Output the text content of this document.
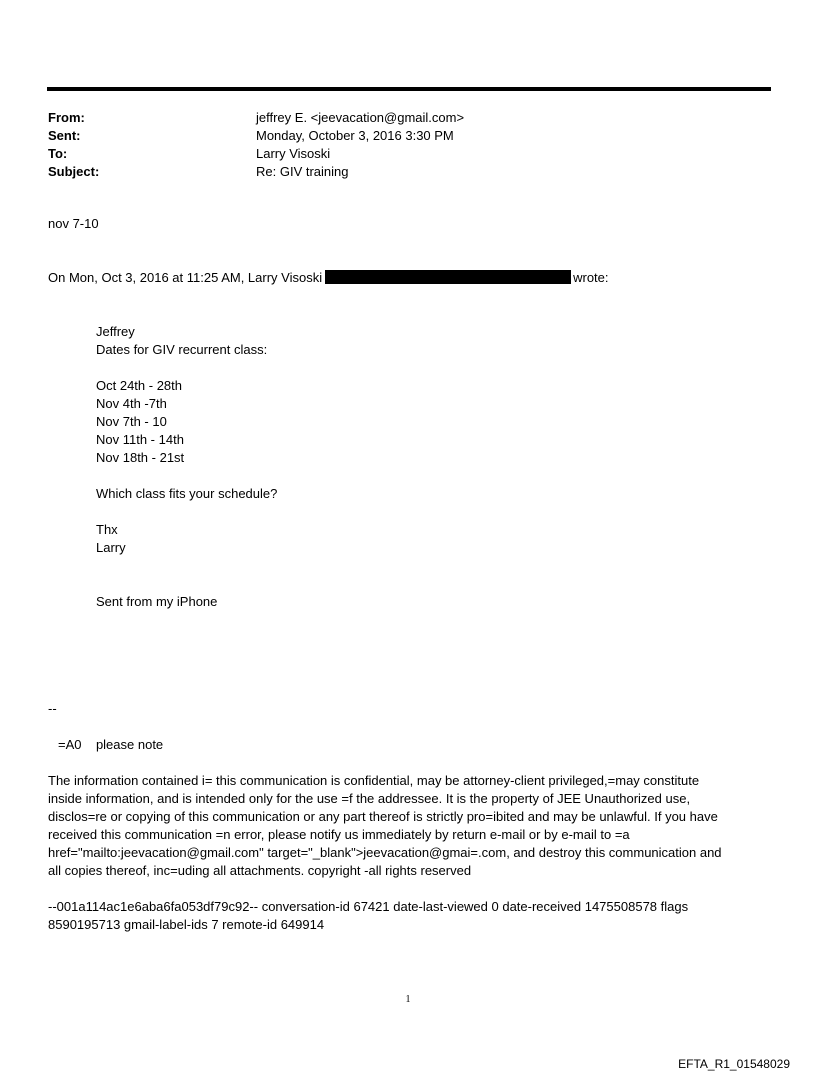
From:	jeffrey E. <jeevacation@gmail.com>
Sent:	Monday, October 3, 2016 3:30 PM
To:	Larry Visoski
Subject:	Re: GIV training
nov 7-10
On Mon, Oct 3, 2016 at 11:25 AM, Larry Visoski	wrote:
Jeffrey
Dates for GIV recurrent class:
Oct 24th - 28th
Nov 4th -7th
Nov 7th - 10
Nov 11th - 14th
Nov 18th - 21st
Which class fits your schedule?
Thx
Larry
Sent from my iPhone
--
=A0    please note
The information contained i= this communication is confidential, may be attorney-client privileged,=may constitute
inside information, and is intended only for the use =f the addressee. It is the property of JEE Unauthorized use,
disclos=re or copying of this communication or any part thereof is strictly pro=ibited and may be unlawful. If you have
received this communication =n error, please notify us immediately by return e-mail or by e-mail to =a
href="mailto:jeevacation@gmail.com" target="_blank">jeevacation@gmai=.com, and destroy this communication and
all copies thereof, inc=uding all attachments. copyright -all rights reserved
--001a114ac1e6aba6fa053df79c92-- conversation-id 67421 date-last-viewed 0 date-received 1475508578 flags
8590195713 gmail-label-ids 7 remote-id 649914
1
EFTA_R1_01548029
